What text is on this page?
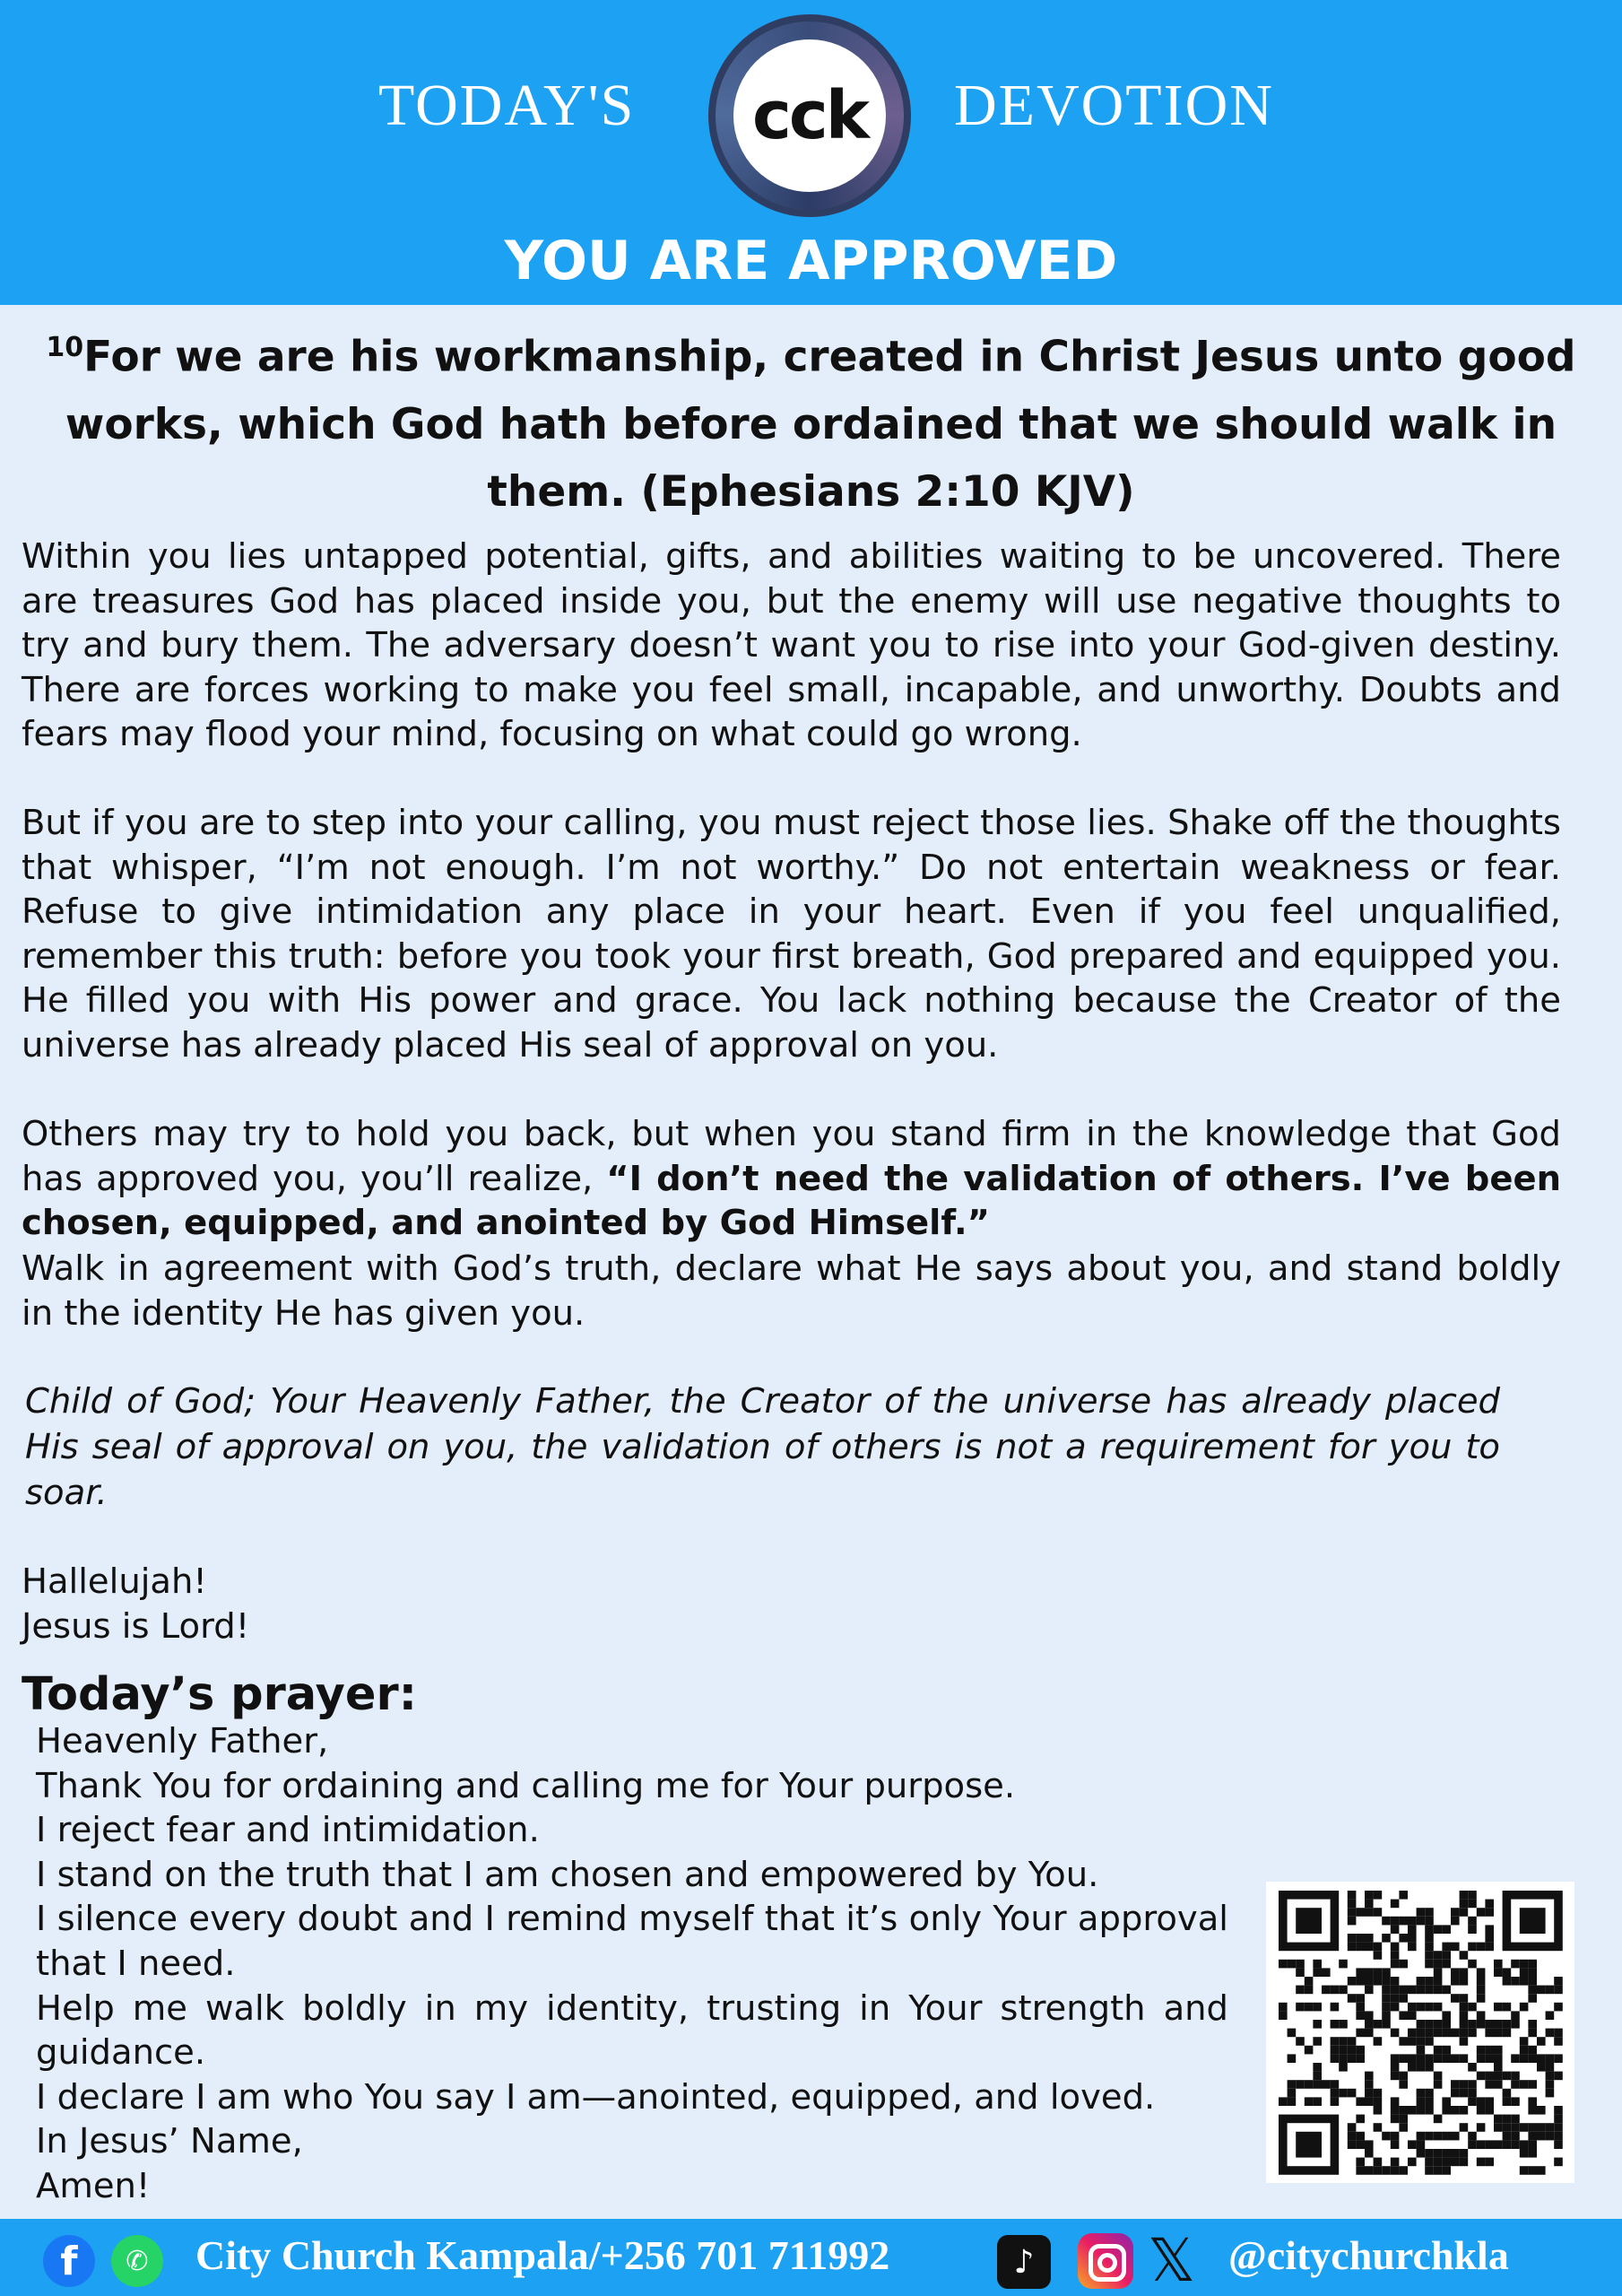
TODAY'S cck DEVOTION
YOU ARE APPROVED
$^{10}$For we are his workmanship, created in Christ Jesus unto good works, which God hath before ordained that we should walk in them. (Ephesians 2:10 KJV)
Within you lies untapped potential, gifts, and abilities waiting to be uncovered. There are treasures God has placed inside you, but the enemy will use negative thoughts to try and bury them. The adversary doesn’t want you to rise into your God-given destiny. There are forces working to make you feel small, incapable, and unworthy. Doubts and fears may flood your mind, focusing on what could go wrong.
But if you are to step into your calling, you must reject those lies. Shake off the thoughts that whisper, “I’m not enough. I’m not worthy.” Do not entertain weakness or fear. Refuse to give intimidation any place in your heart. Even if you feel unqualified, remember this truth: before you took your first breath, God prepared and equipped you. He filled you with His power and grace. You lack nothing because the Creator of the universe has already placed His seal of approval on you.
Others may try to hold you back, but when you stand firm in the knowledge that God has approved you, you’ll realize, “I don’t need the validation of others. I’ve been chosen, equipped, and anointed by God Himself.”
Walk in agreement with God’s truth, declare what He says about you, and stand boldly in the identity He has given you.
Child of God; Your Heavenly Father, the Creator of the universe has already placed His seal of approval on you, the validation of others is not a requirement for you to soar.
Hallelujah!
Jesus is Lord!
Today’s prayer:
Heavenly Father,
Thank You for ordaining and calling me for Your purpose.
I reject fear and intimidation.
I stand on the truth that I am chosen and empowered by You.
I silence every doubt and I remind myself that it’s only Your approval that I need.
Help me walk boldly in my identity, trusting in Your strength and guidance.
I declare I am who You say I am—anointed, equipped, and loved.
In Jesus’ Name,
Amen!
f	✆	City Church Kampala/+256 701 711992	♪ 𝕏 @citychurchkla
